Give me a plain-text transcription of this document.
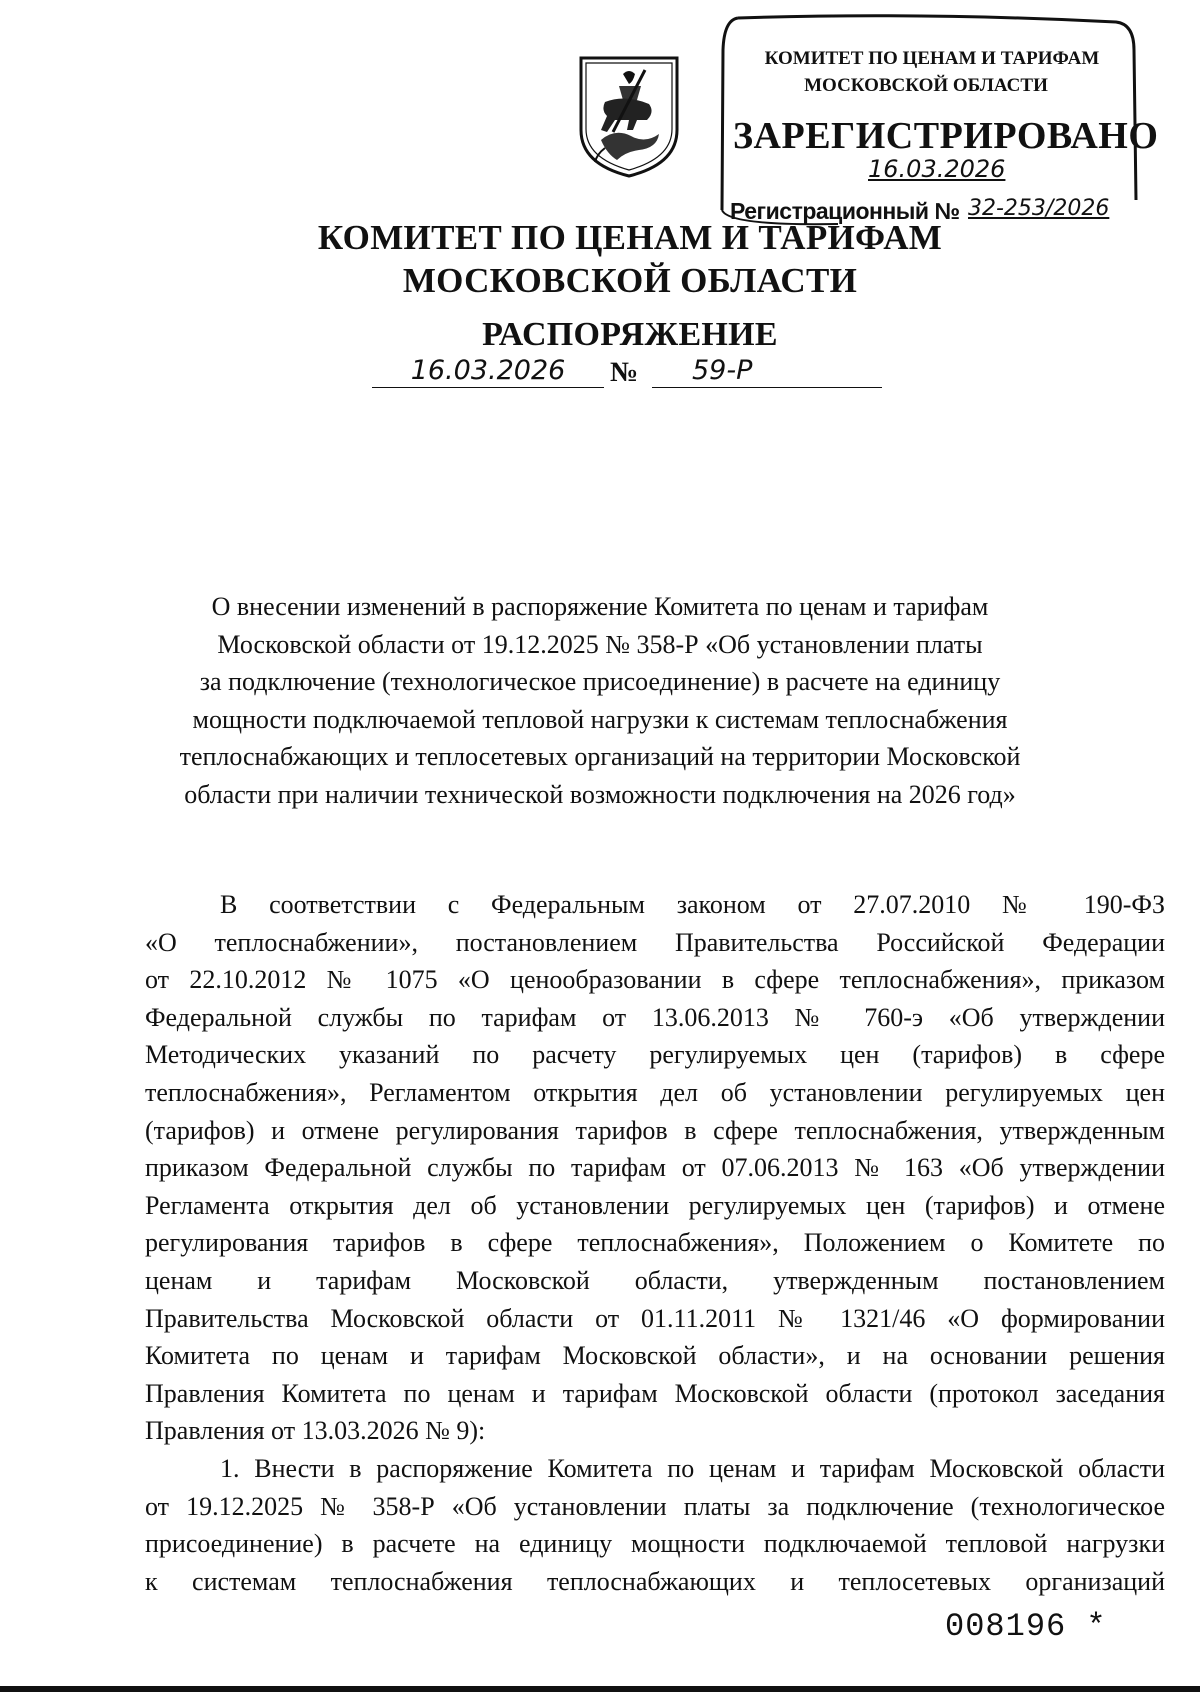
КОМИТЕТ ПО ЦЕНАМ И ТАРИФАМ
МОСКОВСКОЙ ОБЛАСТИ
ЗАРЕГИСТРИРОВАНО
16.03.2026
Регистрационный № 32-253/2026
КОМИТЕТ ПО ЦЕНАМ И ТАРИФАМ
МОСКОВСКОЙ ОБЛАСТИ
РАСПОРЯЖЕНИЕ
16.03.2026	№	59-Р
О внесении изменений в распоряжение Комитета по ценам и тарифам
Московской области от 19.12.2025 № 358-Р «Об установлении платы
за подключение (технологическое присоединение) в расчете на единицу
мощности подключаемой тепловой нагрузки к системам теплоснабжения
теплоснабжающих и теплосетевых организаций на территории Московской
области при наличии технической возможности подключения на 2026 год»
В соответствии с Федеральным законом от 27.07.2010 № 190-ФЗ
«О теплоснабжении», постановлением Правительства Российской Федерации
от 22.10.2012 № 1075 «О ценообразовании в сфере теплоснабжения», приказом
Федеральной службы по тарифам от 13.06.2013 № 760-э «Об утверждении
Методических указаний по расчету регулируемых цен (тарифов) в сфере
теплоснабжения», Регламентом открытия дел об установлении регулируемых цен
(тарифов) и отмене регулирования тарифов в сфере теплоснабжения, утвержденным
приказом Федеральной службы по тарифам от 07.06.2013 № 163 «Об утверждении
Регламента открытия дел об установлении регулируемых цен (тарифов) и отмене
регулирования тарифов в сфере теплоснабжения», Положением о Комитете по
ценам и тарифам Московской области, утвержденным постановлением
Правительства Московской области от 01.11.2011 № 1321/46 «О формировании
Комитета по ценам и тарифам Московской области», и на основании решения
Правления Комитета по ценам и тарифам Московской области (протокол заседания
Правления от 13.03.2026 № 9):
1. Внести в распоряжение Комитета по ценам и тарифам Московской области
от 19.12.2025 № 358-Р «Об установлении платы за подключение (технологическое
присоединение) в расчете на единицу мощности подключаемой тепловой нагрузки
к системам теплоснабжения теплоснабжающих и теплосетевых организаций
008196 *
